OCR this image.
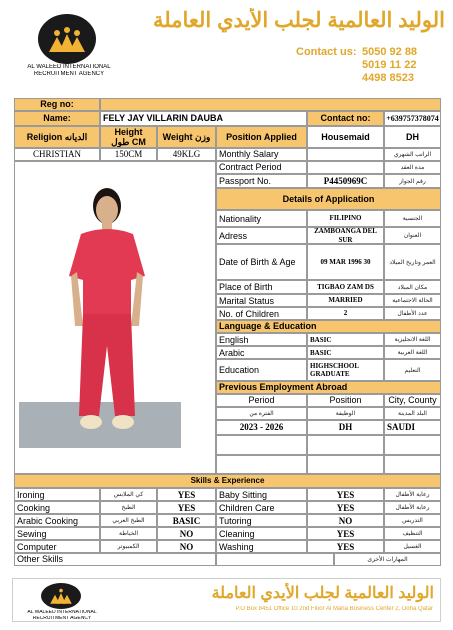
AL WALEED INTERNATIONAL
RECRUITMENT AGENCY
الوليد العالمية لجلب الأيدي العاملة
Contact us: 5050 92 88
5019 11 22
4498 8523
Reg no:
Name:	FELY JAY VILLARIN DAUBA	Contact no:	+639757378074
Religion الديانه	Height
طول CM
Weight وزن	Position Applied	Housemaid	DH
CHRISTIAN	150CM	49KLG	Monthly Salary	الراتب الشهري
Contract Period	مدة العقد
Passport No.	P4450969C	رقم الجواز
Details of Application
Nationality	FILIPINO	الجنسية
Adress	ZAMBOANGA DEL SUR	العنوان
Date of Birth & Age	09 MAR 1996 30	العمر وتاريخ الميلاد
Place of Birth	TIGBAO ZAM DS	مكان الميلاد
Marital Status	MARRIED	الحالة الاجتماعية
No. of Children	2	عدد الأطفال
Language & Education
English	BASIC	اللغة الانجليزية
Arabic	BASIC	اللغة العربية
Education	HIGHSCHOOL GRADUATE	التعليم
Previous Employment Abroad
Period	Position	City, County
الفترة من	الوظيفة	البلد المدينة
2023 - 2026	DH	SAUDI
Skills & Experience
Ironing	كي الملابس	YES	Baby Sitting	YES	رعاية الأطفال
Cooking	الطبخ	YES	Children Care	YES	رعاية الأطفال
Arabic Cooking	الطبخ العربي	BASIC	Tutoring	NO	التدريس
Sewing	الخياطة	NO	Cleaning	YES	التنظيف
Computer	الكمبيوتر	NO	Washing	YES	الغسيل
Other Skills	المهارات الأخرى
AL WALEED INTERNATIONAL
RECRUITMENT AGENCY
الوليد العالمية لجلب الأيدي العاملة
P.O Box 8451 Office 10 2nd Floor Al Mana Business Center 2, Doha Qatar
